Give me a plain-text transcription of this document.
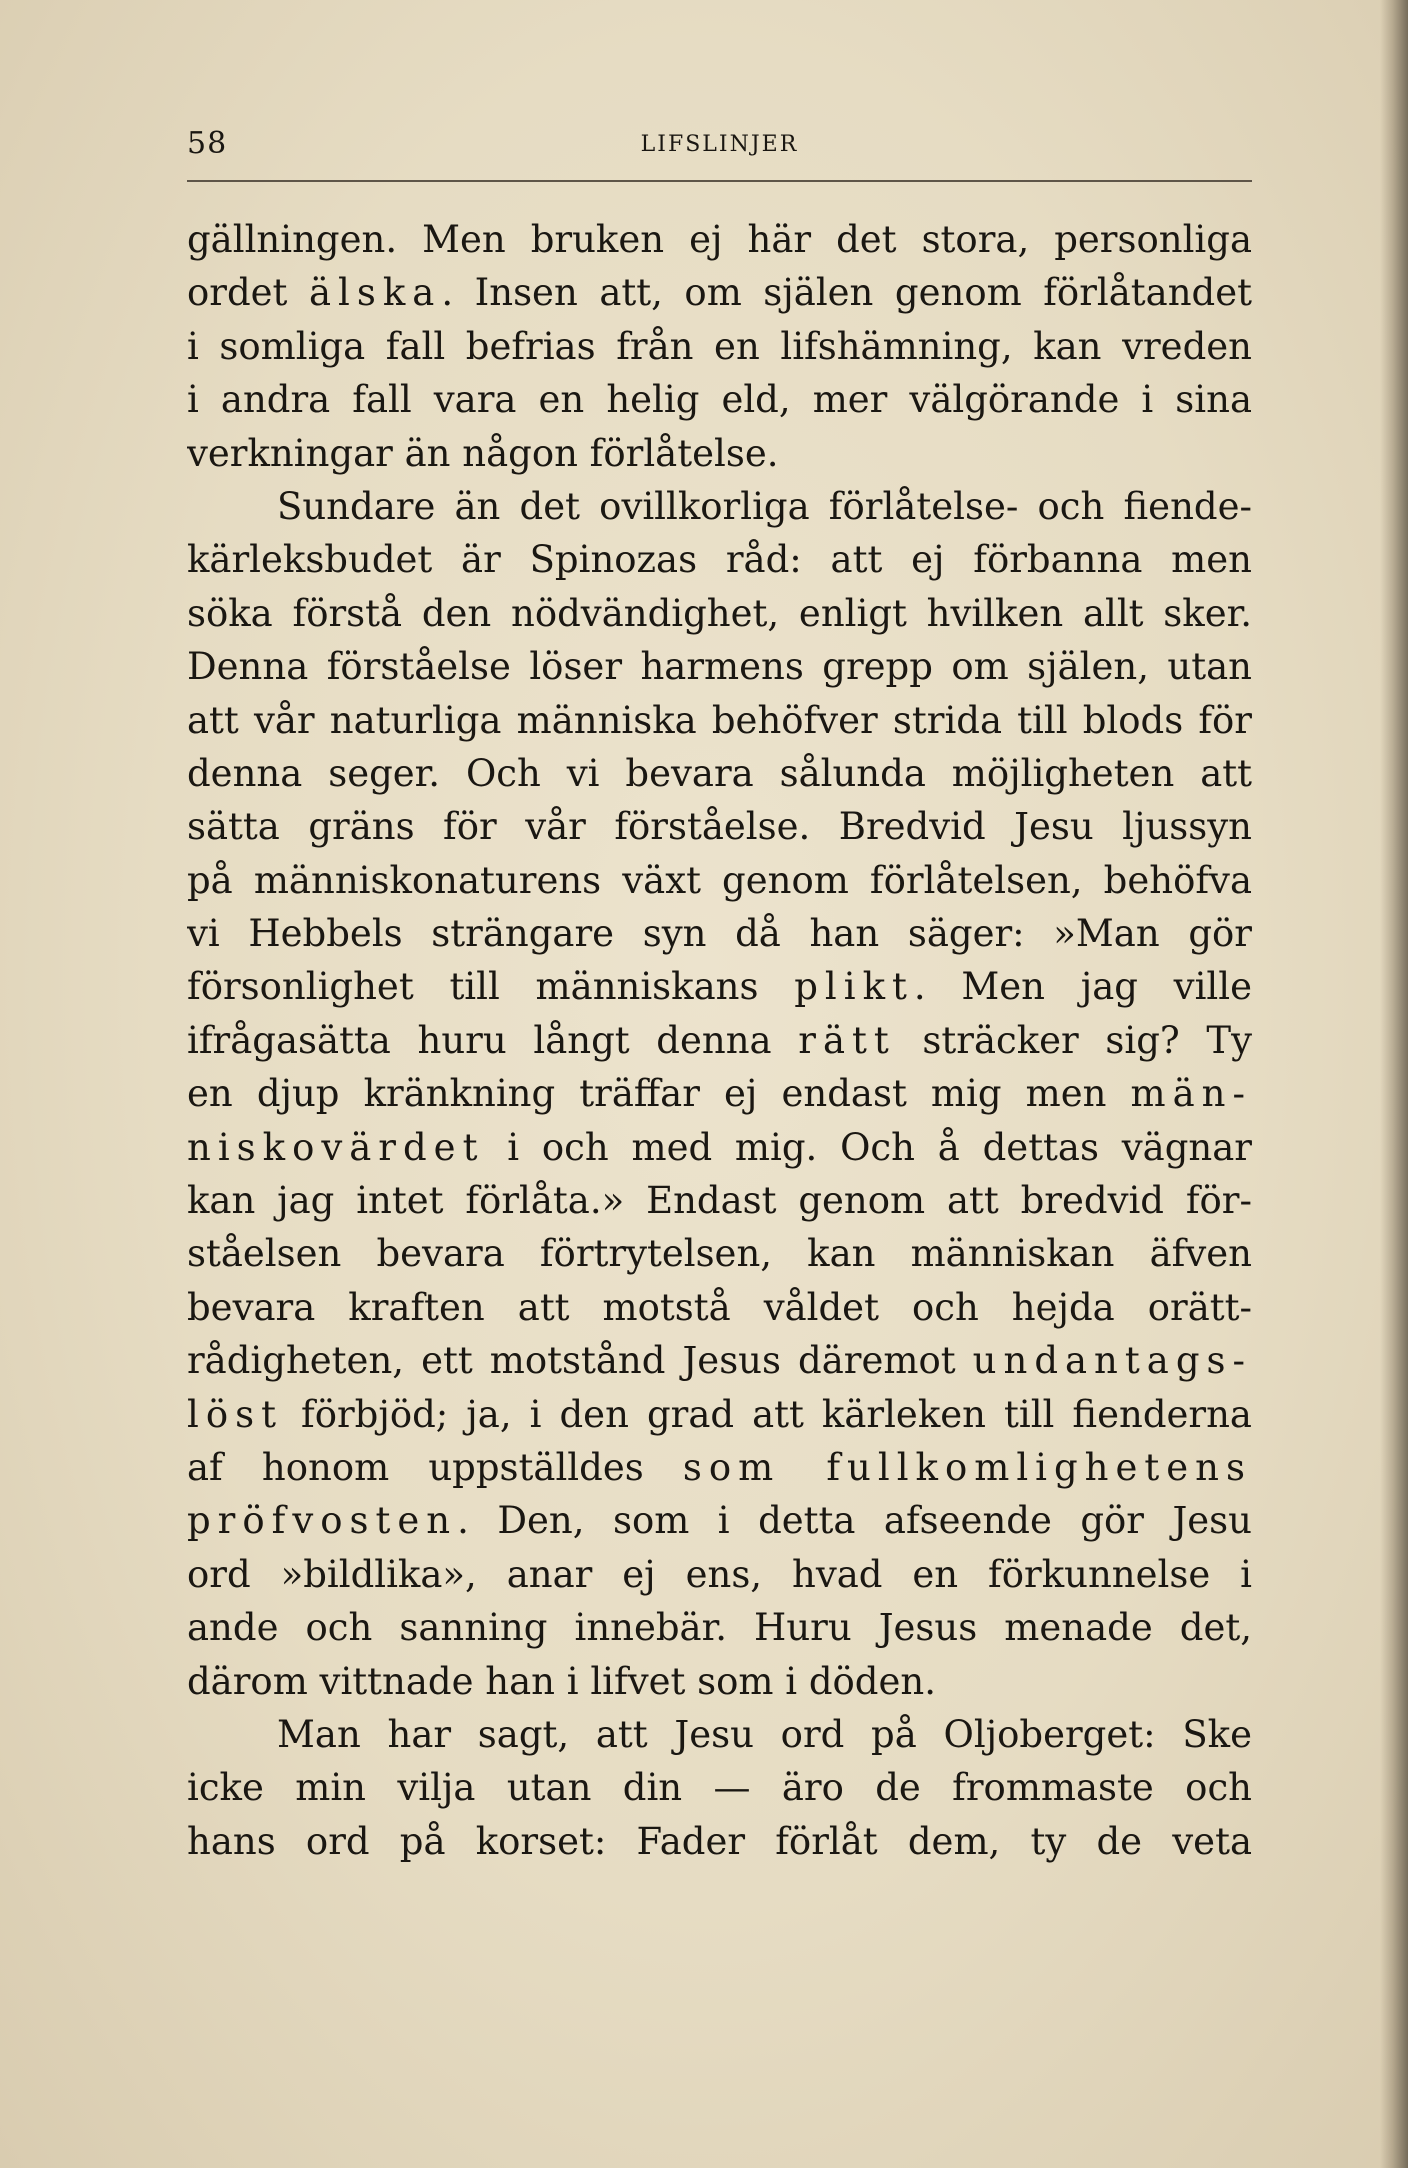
58	LIFSLINJER
gällningen. Men bruken ej här det stora, personliga
ordet älska. Insen att, om själen genom förlåtandet
i somliga fall befrias från en lifshämning, kan vreden
i andra fall vara en helig eld, mer välgörande i sina
verkningar än någon förlåtelse.
Sundare än det ovillkorliga förlåtelse- och fiende-
kärleksbudet är Spinozas råd: att ej förbanna men
söka förstå den nödvändighet, enligt hvilken allt sker.
Denna förståelse löser harmens grepp om själen, utan
att vår naturliga människa behöfver strida till blods för
denna seger. Och vi bevara sålunda möjligheten att
sätta gräns för vår förståelse. Bredvid Jesu ljussyn
på människonaturens växt genom förlåtelsen, behöfva
vi Hebbels strängare syn då han säger: »Man gör
försonlighet till människans plikt. Men jag ville
ifrågasätta huru långt denna rätt sträcker sig? Ty
en djup kränkning träffar ej endast mig men män-
niskovärdet i och med mig. Och å dettas vägnar
kan jag intet förlåta.» Endast genom att bredvid för-
ståelsen bevara förtrytelsen, kan människan äfven
bevara kraften att motstå våldet och hejda orätt-
rådigheten, ett motstånd Jesus däremot undantags-
löst förbjöd; ja, i den grad att kärleken till fienderna
af honom uppställdes som fullkomlighetens
pröfvosten. Den, som i detta afseende gör Jesu
ord »bildlika», anar ej ens, hvad en förkunnelse i
ande och sanning innebär. Huru Jesus menade det,
därom vittnade han i lifvet som i döden.
Man har sagt, att Jesu ord på Oljoberget: Ske
icke min vilja utan din — äro de frommaste och
hans ord på korset: Fader förlåt dem, ty de veta
